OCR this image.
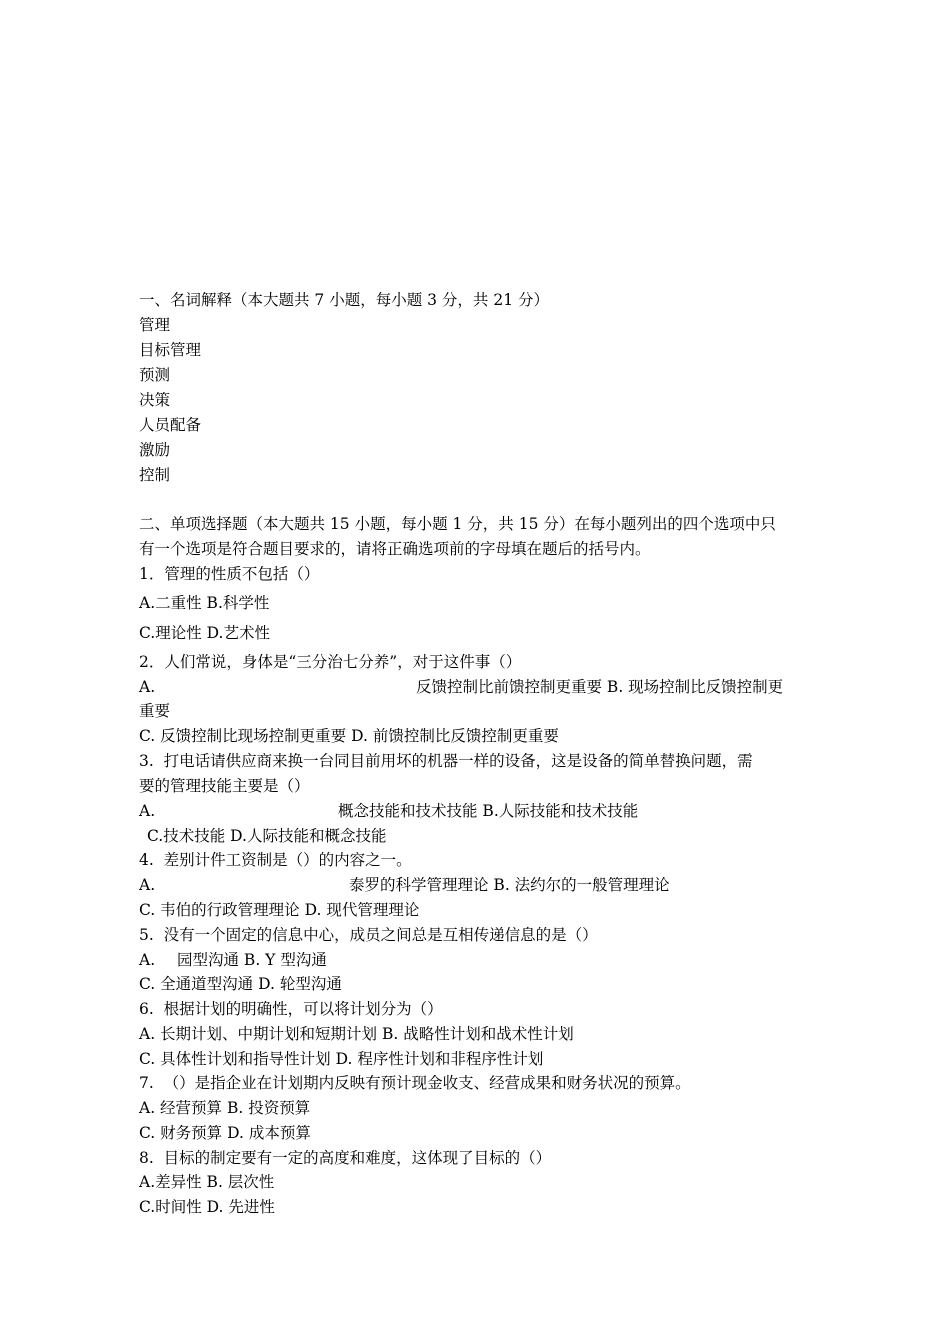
一、名词解释（本大题共 7 小题，每小题 3 分，共 21 分）
管理
目标管理
预测
决策
人员配备
激励
控制
二、单项选择题（本大题共 15 小题，每小题 1 分，共 15 分）在每小题列出的四个选项中只
有一个选项是符合题目要求的，请将正确选项前的字母填在题后的括号内。
1．管理的性质不包括（）
A.二重性 B.科学性
C.理论性 D.艺术性
2．人们常说，身体是“三分治七分养”，对于这件事（）
A.	反馈控制比前馈控制更重要 B. 现场控制比反馈控制更
重要
C. 反馈控制比现场控制更重要 D. 前馈控制比反馈控制更重要
3.  打电话请供应商来换一台同目前用坏的机器一样的设备，这是设备的简单替换问题，需
要的管理技能主要是（）
A.	概念技能和技术技能 B.人际技能和技术技能
C.技术技能 D.人际技能和概念技能
4.  差别计件工资制是（）的内容之一。
A.	泰罗的科学管理理论 B. 法约尔的一般管理理论
C. 韦伯的行政管理理论 D. 现代管理理论
5.  没有一个固定的信息中心，成员之间总是互相传递信息的是（）
A. 园型沟通 B. Y 型沟通
C. 全通道型沟通 D. 轮型沟通
6.  根据计划的明确性，可以将计划分为（）
A. 长期计划、中期计划和短期计划 B. 战略性计划和战术性计划
C. 具体性计划和指导性计划 D. 程序性计划和非程序性计划
7.  （）是指企业在计划期内反映有预计现金收支、经营成果和财务状况的预算。
A. 经营预算 B. 投资预算
C. 财务预算 D. 成本预算
8.  目标的制定要有一定的高度和难度，这体现了目标的（）
A.差异性 B. 层次性
C.时间性 D. 先进性
